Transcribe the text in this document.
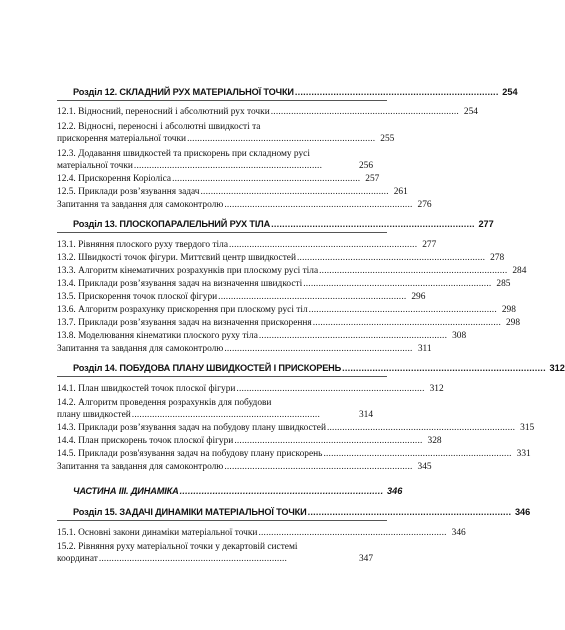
Розділ 12. СКЛАДНИЙ РУХ МАТЕРІАЛЬНОЇ ТОЧКИ .......................................................................... 254
12.1. Відносний, переносний і абсолютний рух точки .......................................................................... 254
12.2. Відносні, переносні і абсолютні швидкості та
прискорення матеріальної точки .......................................................................... 255
12.3. Додавання швидкостей та прискорень при складному русі
матеріальної точки ..........................................................................	256
12.4. Прискорення Коріоліса .......................................................................... 257
12.5. Приклади розв’язування задач .......................................................................... 261
Запитання та завдання для самоконтролю .......................................................................... 276
Розділ 13. ПЛОСКОПАРАЛЕЛЬНИЙ РУХ ТІЛА .......................................................................... 277
13.1. Рівняння плоского руху твердого тіла .......................................................................... 277
13.2. Швидкості точок фігури. Миттєвий центр швидкостей .......................................................................... 278
13.3. Алгоритм кінематичних розрахунків при плоскому русі тіла .......................................................................... 284
13.4. Приклади розв’язування задач на визначення швидкості .......................................................................... 285
13.5. Прискорення точок плоскої фігури .......................................................................... 296
13.6. Алгоритм розрахунку прискорення при плоскому русі тіл .......................................................................... 298
13.7. Приклади розв’язування задач на визначення прискорення .......................................................................... 298
13.8. Моделювання кінематики плоского руху тіла .......................................................................... 308
Запитання та завдання для самоконтролю .......................................................................... 311
Розділ 14. ПОБУДОВА ПЛАНУ ШВИДКОСТЕЙ І ПРИСКОРЕНЬ .......................................................................... 312
14.1. План швидкостей точок плоскої фігури .......................................................................... 312
14.2. Алгоритм проведення розрахунків для побудови
плану швидкостей ..........................................................................	314
14.3. Приклади розв’язування задач на побудову плану швидкостей .......................................................................... 315
14.4. План прискорень точок плоскої фігури .......................................................................... 328
14.5. Приклади розв'язування задач на побудову плану прискорень .......................................................................... 331
Запитання та завдання для самоконтролю .......................................................................... 345
ЧАСТИНА ІІІ. ДИНАМІКА .......................................................................... 346
Розділ 15. ЗАДАЧІ ДИНАМІКИ МАТЕРІАЛЬНОЇ ТОЧКИ .......................................................................... 346
15.1. Основні закони динаміки матеріальної точки .......................................................................... 346
15.2. Рівняння руху матеріальної точки у декартовій системі
координат ..........................................................................	347
